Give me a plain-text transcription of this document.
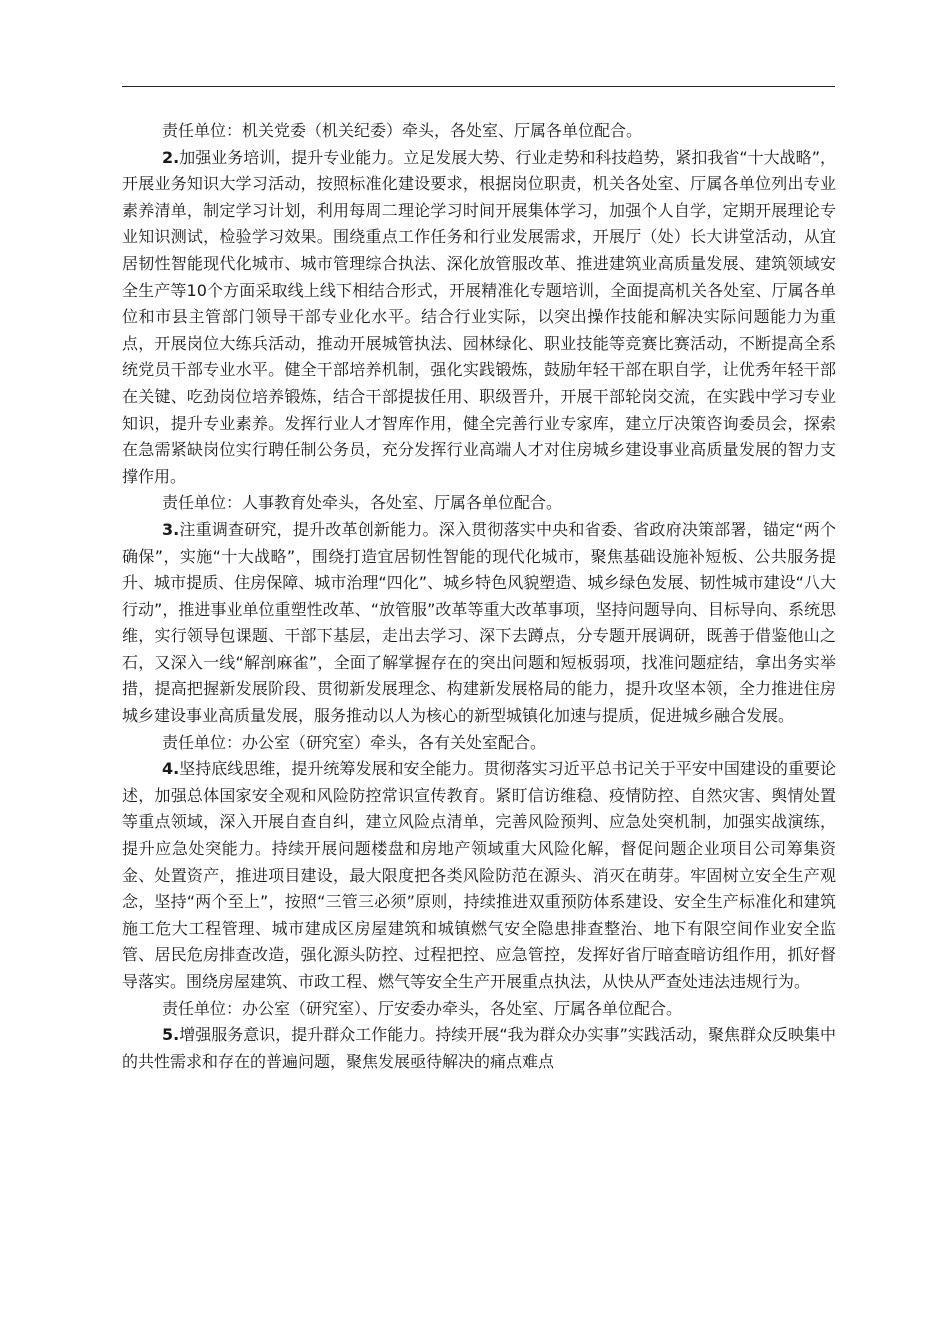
责任单位：机关党委（机关纪委）牵头，各处室、厅属各单位配合。

2.加强业务培训，提升专业能力。立足发展大势、行业走势和科技趋势，紧扣我省“十大战略”，开展业务知识大学习活动，按照标准化建设要求，根据岗位职责，机关各处室、厅属各单位列出专业素养清单，制定学习计划，利用每周二理论学习时间开展集体学习，加强个人自学，定期开展理论专业知识测试，检验学习效果。围绕重点工作任务和行业发展需求，开展厅（处）长大讲堂活动，从宜居韧性智能现代化城市、城市管理综合执法、深化放管服改革、推进建筑业高质量发展、建筑领域安全生产等10个方面采取线上线下相结合形式，开展精准化专题培训，全面提高机关各处室、厅属各单位和市县主管部门领导干部专业化水平。结合行业实际，以突出操作技能和解决实际问题能力为重点，开展岗位大练兵活动，推动开展城管执法、园林绿化、职业技能等竞赛比赛活动，不断提高全系统党员干部专业水平。健全干部培养机制，强化实践锻炼，鼓励年轻干部在职自学，让优秀年轻干部在关键、吃劲岗位培养锻炼，结合干部提拔任用、职级晋升，开展干部轮岗交流，在实践中学习专业知识，提升专业素养。发挥行业人才智库作用，健全完善行业专家库，建立厅决策咨询委员会，探索在急需紧缺岗位实行聘任制公务员，充分发挥行业高端人才对住房城乡建设事业高质量发展的智力支撑作用。

责任单位：人事教育处牵头，各处室、厅属各单位配合。

3.注重调查研究，提升改革创新能力。深入贯彻落实中央和省委、省政府决策部署，锚定“两个确保”，实施“十大战略”，围绕打造宜居韧性智能的现代化城市，聚焦基础设施补短板、公共服务提升、城市提质、住房保障、城市治理“四化”、城乡特色风貌塑造、城乡绿色发展、韧性城市建设“八大行动”，推进事业单位重塑性改革、“放管服”改革等重大改革事项，坚持问题导向、目标导向、系统思维，实行领导包课题、干部下基层，走出去学习、深下去蹲点，分专题开展调研，既善于借鉴他山之石，又深入一线“解剖麻雀”，全面了解掌握存在的突出问题和短板弱项，找准问题症结，拿出务实举措，提高把握新发展阶段、贯彻新发展理念、构建新发展格局的能力，提升攻坚本领，全力推进住房城乡建设事业高质量发展，服务推动以人为核心的新型城镇化加速与提质，促进城乡融合发展。

责任单位：办公室（研究室）牵头，各有关处室配合。

4.坚持底线思维，提升统筹发展和安全能力。贯彻落实习近平总书记关于平安中国建设的重要论述，加强总体国家安全观和风险防控常识宣传教育。紧盯信访维稳、疫情防控、自然灾害、舆情处置等重点领域，深入开展自查自纠，建立风险点清单，完善风险预判、应急处突机制，加强实战演练，提升应急处突能力。持续开展问题楼盘和房地产领域重大风险化解，督促问题企业项目公司筹集资金、处置资产，推进项目建设，最大限度把各类风险防范在源头、消灭在萌芽。牢固树立安全生产观念，坚持“两个至上”，按照“三管三必须”原则，持续推进双重预防体系建设、安全生产标准化和建筑施工危大工程管理、城市建成区房屋建筑和城镇燃气安全隐患排查整治、地下有限空间作业安全监管、居民危房排查改造，强化源头防控、过程把控、应急管控，发挥好省厅暗查暗访组作用，抓好督导落实。围绕房屋建筑、市政工程、燃气等安全生产开展重点执法，从快从严查处违法违规行为。

责任单位：办公室（研究室）、厅安委办牵头，各处室、厅属各单位配合。

5.增强服务意识，提升群众工作能力。持续开展“我为群众办实事”实践活动，聚焦群众反映集中的共性需求和存在的普遍问题，聚焦发展亟待解决的痛点难点
